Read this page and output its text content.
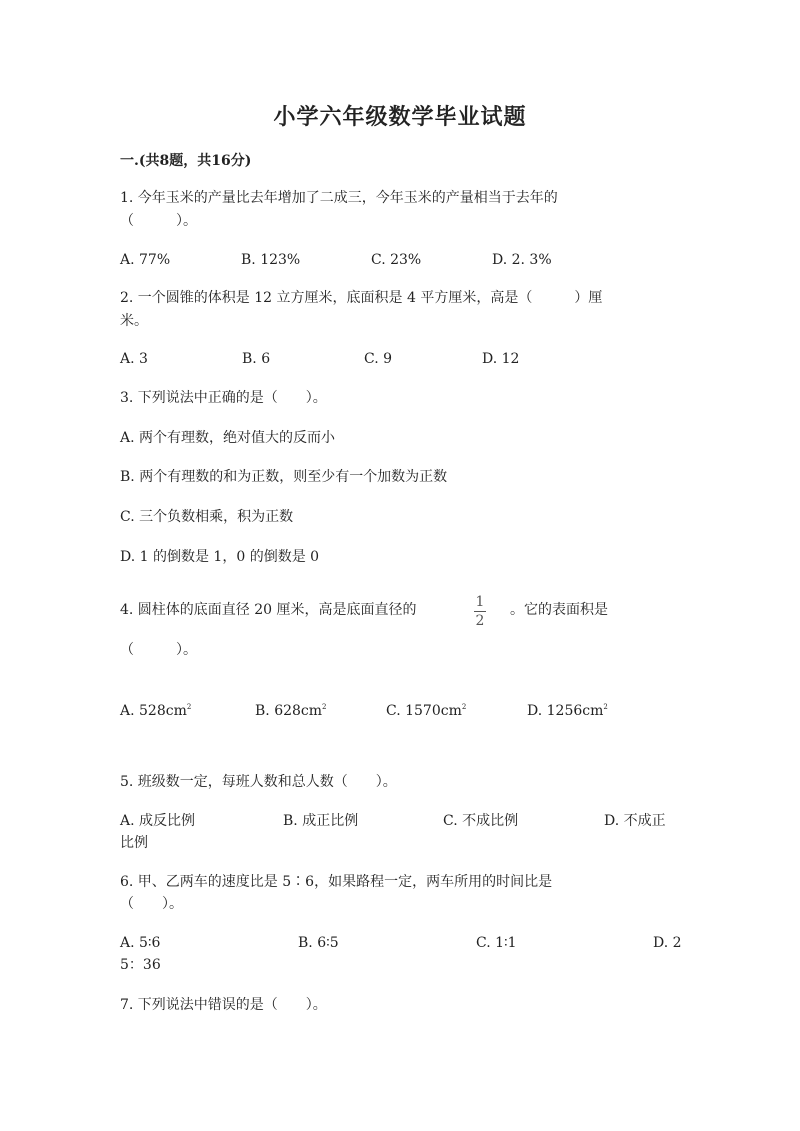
小学六年级数学毕业试题
一.(共8题，共16分)
1. 今年玉米的产量比去年增加了二成三，今年玉米的产量相当于去年的
（　　　）。
A. 77%	B. 123%	C. 23%	D. 2. 3%
2. 一个圆锥的体积是 12 立方厘米，底面积是 4 平方厘米，高是（　　　）厘
米。
A. 3	B. 6	C. 9	D. 12
3. 下列说法中正确的是（　　）。
A. 两个有理数，绝对值大的反而小
B. 两个有理数的和为正数，则至少有一个加数为正数
C. 三个负数相乘，积为正数
D. 1 的倒数是 1，0 的倒数是 0
4. 圆柱体的底面直径 20 厘米，高是底面直径的	1
2
。它的表面积是
（　　　）。
A. $528cm^2$	B. $628cm^2$	C. $1570cm^2$	D. $1256cm^2$
5. 班级数一定，每班人数和总人数（　　）。
A. 成反比例	B. 成正比例	C. 不成比例	D. 不成正
比例
6. 甲、乙两车的速度比是 5∶6，如果路程一定，两车所用的时间比是
（　　）。
A. 5∶6	B. 6∶5	C. 1∶1	D. 2
5：36
7. 下列说法中错误的是（　　）。
